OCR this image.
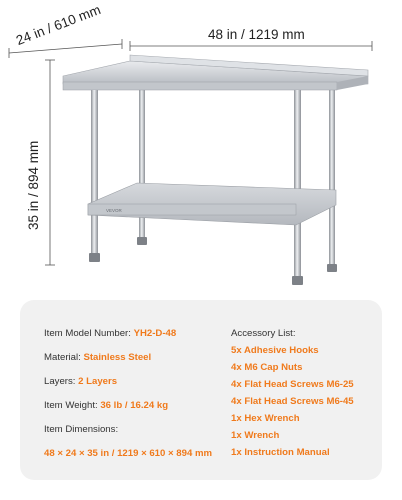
VEVOR
48 in / 1219 mm
24 in / 610 mm
35 in / 894 mm
Item Model Number: YH2-D-48
Material: Stainless Steel
Layers: 2 Layers
Item Weight: 36 lb / 16.24 kg
Item Dimensions:
48 × 24 × 35 in / 1219 × 610 × 894 mm
Accessory List:
5x Adhesive Hooks
4x M6 Cap Nuts
4x Flat Head Screws M6-25
4x Flat Head Screws M6-45
1x Hex Wrench
1x Wrench
1x Instruction Manual
